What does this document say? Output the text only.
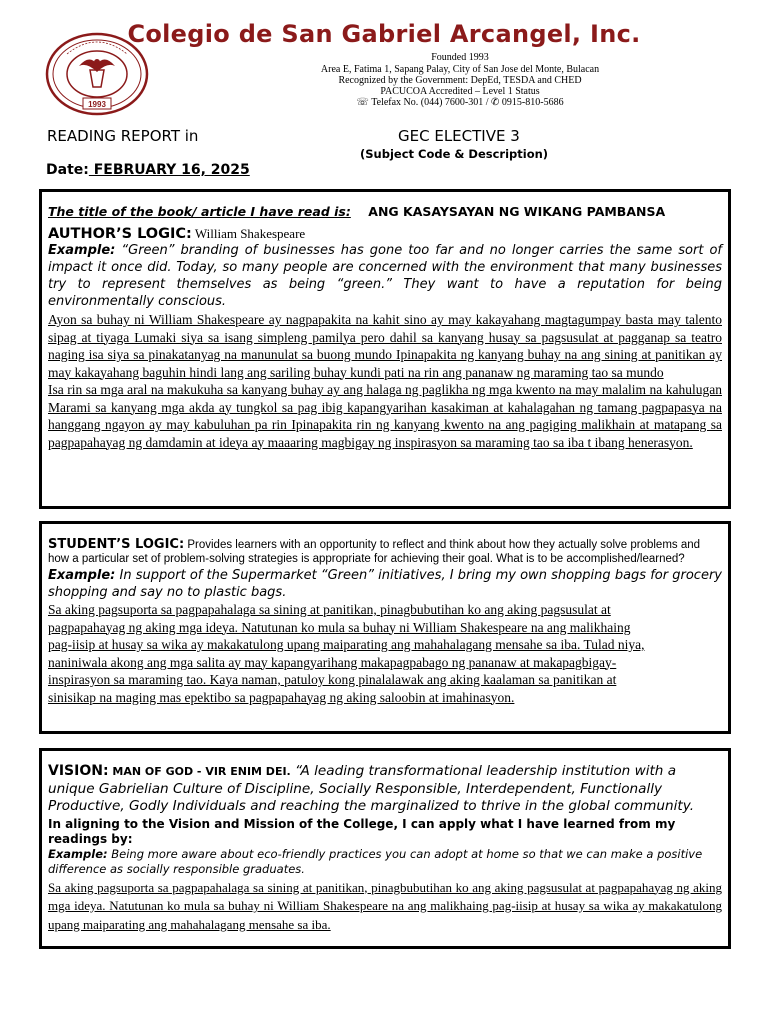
1993
Colegio de San Gabriel Arcangel, Inc.
Founded 1993
Area E, Fatima 1, Sapang Palay, City of San Jose del Monte, Bulacan
Recognized by the Government: DepEd, TESDA and CHED
PACUCOA Accredited – Level 1 Status
☏ Telefax No. (044) 7600-301 / ✆ 0915-810-5686
READING REPORT in	GEC ELECTIVE 3
(Subject Code & Description)
Date: FEBRUARY 16, 2025
The title of the book/ article I have read is: ANG KASAYSAYAN NG WIKANG PAMBANSA
AUTHOR’S LOGIC: William Shakespeare
Example: “Green” branding of businesses has gone too far and no longer carries the same sort of impact it once did. Today, so many people are concerned with the environment that many businesses try to represent themselves as being “green.” They want to have a reputation for being environmentally conscious.
Ayon sa buhay ni William Shakespeare ay nagpapakita na kahit sino ay may kakayahang magtagumpay basta may talento sipag at tiyaga Lumaki siya sa isang simpleng pamilya pero dahil sa kanyang husay sa pagsusulat at pagganap sa teatro naging isa siya sa pinakatanyag na manunulat sa buong mundo Ipinapakita ng kanyang buhay na ang sining at panitikan ay may kakayahang baguhin hindi lang ang sariling buhay kundi pati na rin ang pananaw ng maraming tao sa mundo
Isa rin sa mga aral na makukuha sa kanyang buhay ay ang halaga ng paglikha ng mga kwento na may malalim na kahulugan Marami sa kanyang mga akda ay tungkol sa pag ibig kapangyarihan kasakiman at kahalagahan ng tamang pagpapasya na hanggang ngayon ay may kabuluhan pa rin Ipinapakita rin ng kanyang kwento na ang pagiging malikhain at matapang sa pagpapahayag ng damdamin at ideya ay maaaring magbigay ng inspirasyon sa maraming tao sa iba t ibang henerasyon.
STUDENT’S LOGIC: Provides learners with an opportunity to reflect and think about how they actually solve problems and how a particular set of problem-solving strategies is appropriate for achieving their goal. What is to be accomplished/learned?
Example: In support of the Supermarket “Green” initiatives, I bring my own shopping bags for grocery shopping and say no to plastic bags.
Sa aking pagsuporta sa pagpapahalaga sa sining at panitikan, pinagbubutihan ko ang aking pagsusulat at
pagpapahayag ng aking mga ideya. Natutunan ko mula sa buhay ni William Shakespeare na ang malikhaing
pag-iisip at husay sa wika ay makakatulong upang maiparating ang mahahalagang mensahe sa iba. Tulad niya,
naniniwala akong ang mga salita ay may kapangyarihang makapagpabago ng pananaw at makapagbigay-
inspirasyon sa maraming tao. Kaya naman, patuloy kong pinalalawak ang aking kaalaman sa panitikan at
sinisikap na maging mas epektibo sa pagpapahayag ng aking saloobin at imahinasyon.
VISION: MAN OF GOD - VIR ENIM DEI. “A leading transformational leadership institution with a unique Gabrielian Culture of Discipline, Socially Responsible, Interdependent, Functionally Productive, Godly Individuals and reaching the marginalized to thrive in the global community.
In aligning to the Vision and Mission of the College, I can apply what I have learned from my readings by:
Example: Being more aware about eco-friendly practices you can adopt at home so that we can make a positive difference as socially responsible graduates.
Sa aking pagsuporta sa pagpapahalaga sa sining at panitikan, pinagbubutihan ko ang aking pagsusulat at pagpapahayag ng aking mga ideya. Natutunan ko mula sa buhay ni William Shakespeare na ang malikhaing pag-iisip at husay sa wika ay makakatulong upang maiparating ang mahahalagang mensahe sa iba.
